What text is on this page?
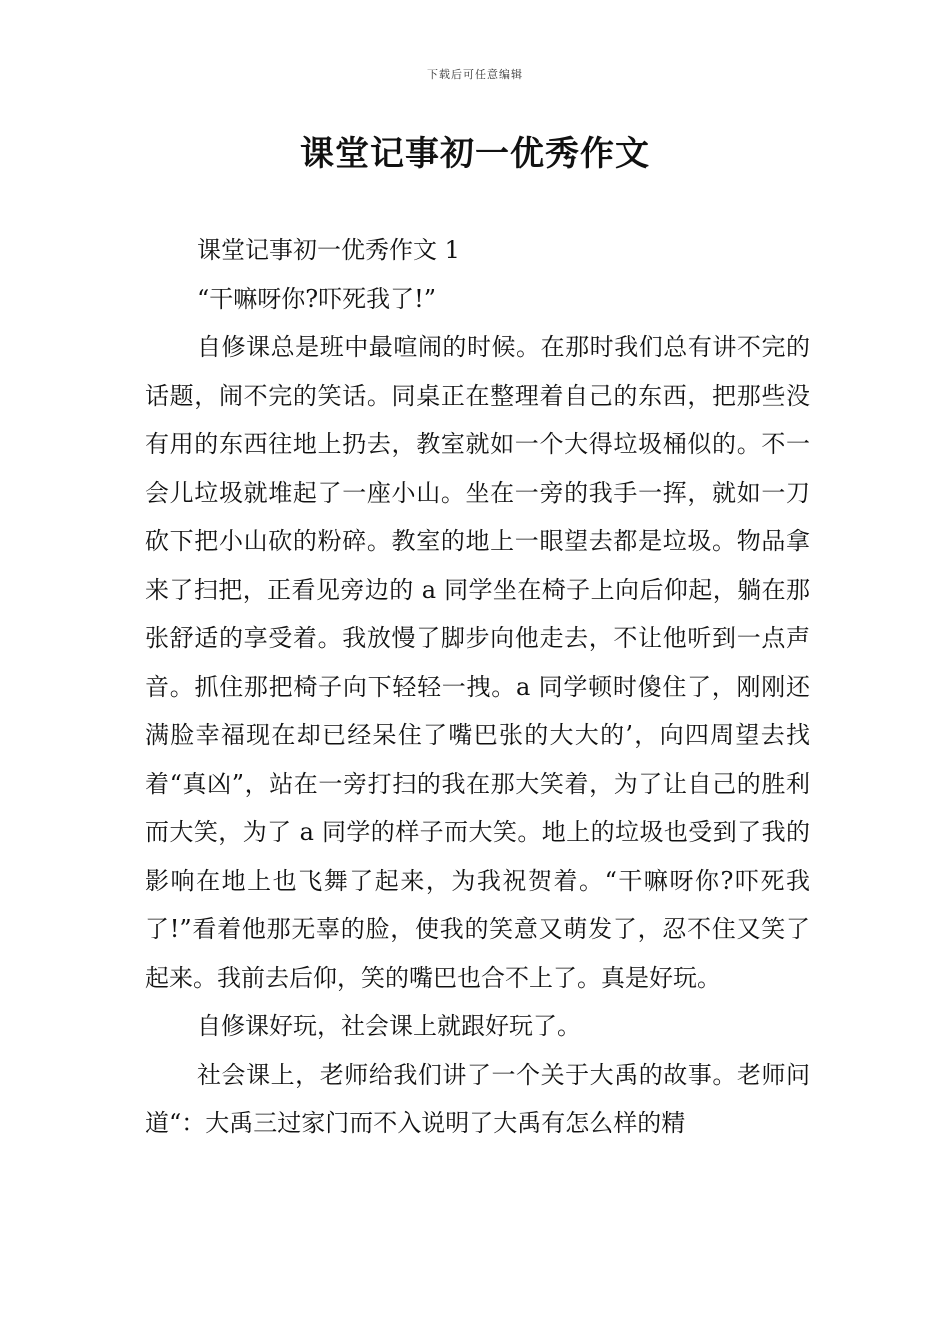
下载后可任意编辑
课堂记事初一优秀作文

课堂记事初一优秀作文 1

“干嘛呀你?吓死我了!”

自修课总是班中最喧闹的时候。在那时我们总有讲不完的话题，闹不完的笑话。同桌正在整理着自己的东西，把那些没有用的东西往地上扔去，教室就如一个大得垃圾桶似的。不一会儿垃圾就堆起了一座小山。坐在一旁的我手一挥，就如一刀砍下把小山砍的粉碎。教室的地上一眼望去都是垃圾。物品拿来了扫把，正看见旁边的 a 同学坐在椅子上向后仰起，躺在那张舒适的享受着。我放慢了脚步向他走去，不让他听到一点声音。抓住那把椅子向下轻轻一拽。a 同学顿时傻住了，刚刚还满脸幸福现在却已经呆住了嘴巴张的大大的’，向四周望去找着“真凶”，站在一旁打扫的我在那大笑着，为了让自己的胜利而大笑，为了 a 同学的样子而大笑。地上的垃圾也受到了我的影响在地上也飞舞了起来，为我祝贺着。“干嘛呀你?吓死我了!”看着他那无辜的脸，使我的笑意又萌发了，忍不住又笑了起来。我前去后仰，笑的嘴巴也合不上了。真是好玩。

自修课好玩，社会课上就跟好玩了。

社会课上，老师给我们讲了一个关于大禹的故事。老师问道“：大禹三过家门而不入说明了大禹有怎么样的精
